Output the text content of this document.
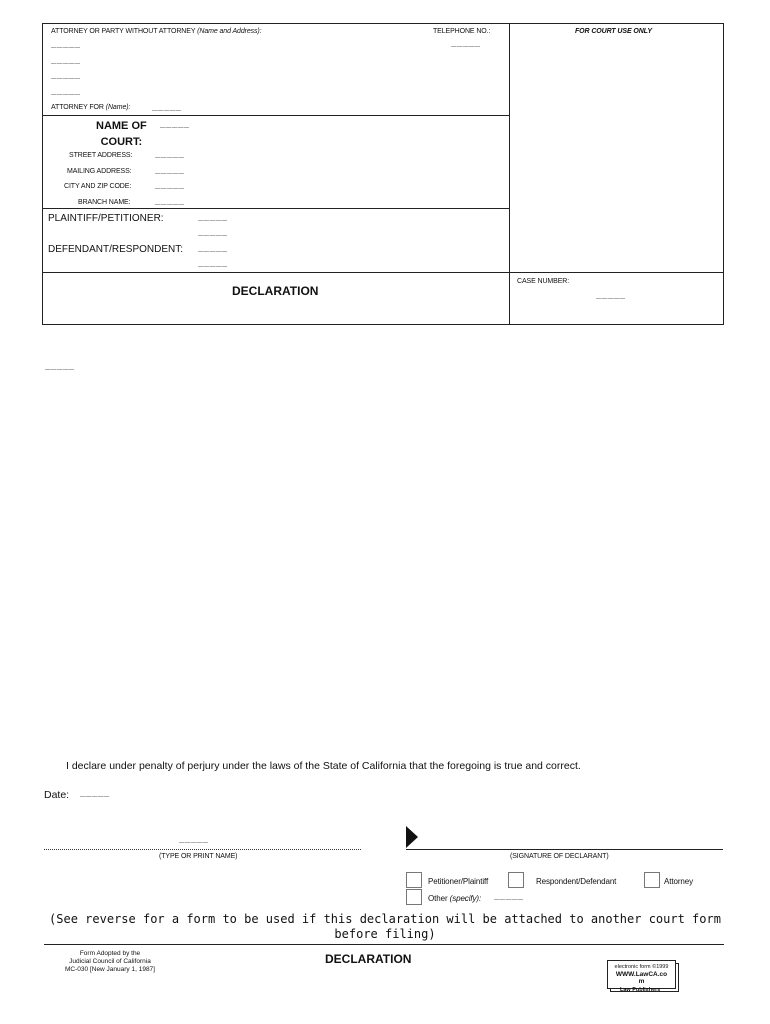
ATTORNEY OR PARTY WITHOUT ATTORNEY (Name and Address):	TELEPHONE NO.:
_____
_____
_____
_____
_____
ATTORNEY FOR (Name): _____
FOR COURT USE ONLY
NAME OF
COURT:
_____
STREET ADDRESS:	_____
MAILING ADDRESS:	_____
CITY AND ZIP CODE:	_____
BRANCH NAME:	_____
PLAINTIFF/PETITIONER:	_____
_____
DEFENDANT/RESPONDENT: _____
_____
DECLARATION
CASE NUMBER:
_____
_____
I declare under penalty of perjury under the laws of the State of California that the foregoing is true and correct.
Date: _____
_____
(TYPE OR PRINT NAME)	(SIGNATURE OF DECLARANT)
Petitioner/Plaintiff	Respondent/Defendant	Attorney
Other (specify): _____
(See reverse for a form to be used if this declaration will be attached to another court form before filing)
Form Adopted by the
Judicial Council of California
MC-030 [New January 1, 1987]
DECLARATION
electronic form ©1999
WWW.LawCA.co
m
Law Publishers
